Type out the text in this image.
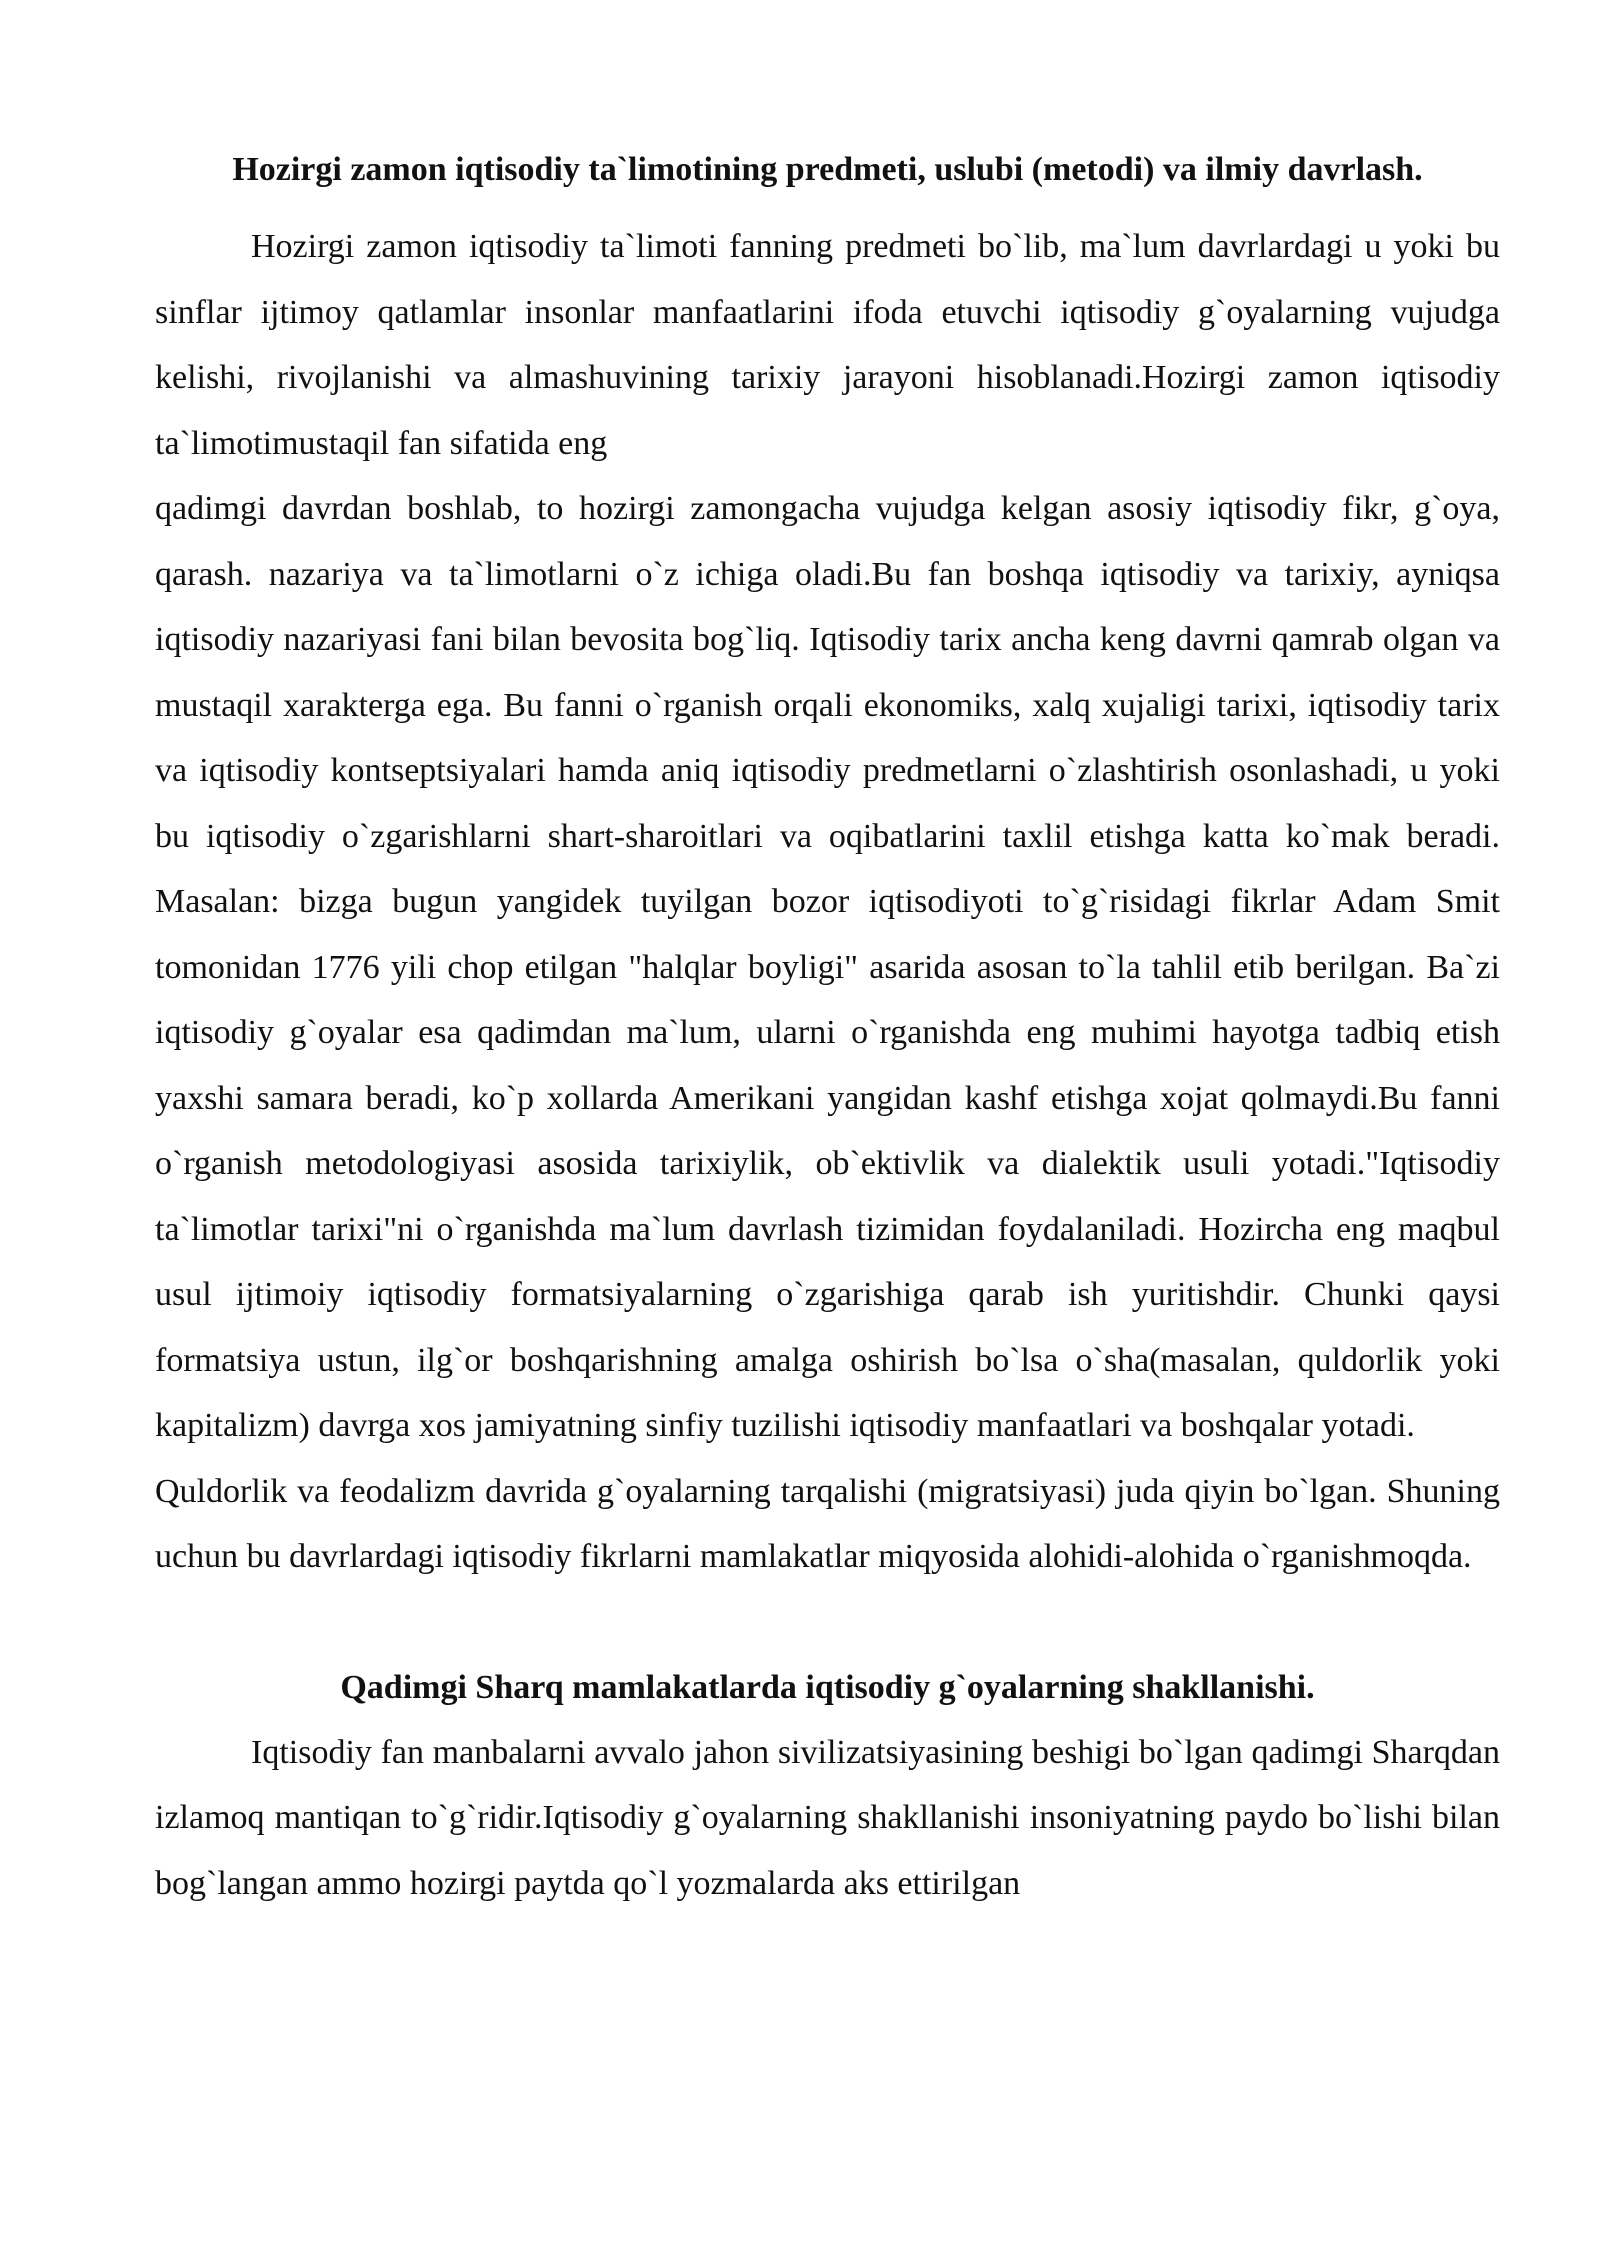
Hozirgi zamon iqtisodiy ta`limotining predmeti, uslubi (metodi) va ilmiy davrlash.

Hozirgi zamon iqtisodiy ta`limoti fanning predmeti bo`lib, ma`lum davrlardagi u yoki bu sinflar ijtimoy qatlamlar insonlar manfaatlarini ifoda etuvchi iqtisodiy g`oyalarning vujudga kelishi, rivojlanishi va almashuvining tarixiy jarayoni hisoblanadi.Hozirgi zamon iqtisodiy ta`limotimustaqil fan sifatida eng

qadimgi davrdan boshlab, to hozirgi zamongacha vujudga kelgan asosiy iqtisodiy fikr, g`oya, qarash. nazariya va ta`limotlarni o`z ichiga oladi.Bu fan boshqa iqtisodiy va tarixiy, ayniqsa iqtisodiy nazariyasi fani bilan bevosita bog`liq. Iqtisodiy tarix ancha keng davrni qamrab olgan va mustaqil xarakterga ega. Bu fanni o`rganish orqali ekonomiks, xalq xujaligi tarixi, iqtisodiy tarix va iqtisodiy kontseptsiyalari hamda aniq iqtisodiy predmetlarni o`zlashtirish osonlashadi, u yoki bu iqtisodiy o`zgarishlarni shart-sharoitlari va oqibatlarini taxlil etishga katta ko`mak beradi. Masalan: bizga bugun yangidek tuyilgan bozor iqtisodiyoti to`g`risidagi fikrlar Adam Smit tomonidan 1776 yili chop etilgan "halqlar boyligi" asarida asosan to`la tahlil etib berilgan. Ba`zi iqtisodiy g`oyalar esa qadimdan ma`lum, ularni o`rganishda eng muhimi hayotga tadbiq etish yaxshi samara beradi, ko`p xollarda Amerikani yangidan kashf etishga xojat qolmaydi.Bu fanni o`rganish metodologiyasi asosida tarixiylik, ob`ektivlik va dialektik usuli yotadi."Iqtisodiy ta`limotlar tarixi"ni o`rganishda ma`lum davrlash tizimidan foydalaniladi. Hozircha eng maqbul usul ijtimoiy iqtisodiy formatsiyalarning o`zgarishiga qarab ish yuritishdir. Chunki qaysi formatsiya ustun, ilg`or boshqarishning amalga oshirish bo`lsa o`sha(masalan, quldorlik yoki kapitalizm) davrga xos jamiyatning sinfiy tuzilishi iqtisodiy manfaatlari va boshqalar yotadi.

Quldorlik va feodalizm davrida g`oyalarning tarqalishi (migratsiyasi) juda qiyin bo`lgan. Shuning uchun bu davrlardagi iqtisodiy fikrlarni mamlakatlar miqyosida alohidi-alohida o`rganishmoqda.

Qadimgi Sharq mamlakatlarda iqtisodiy g`oyalarning shakllanishi.

Iqtisodiy fan manbalarni avvalo jahon sivilizatsiyasining beshigi bo`lgan qadimgi Sharqdan izlamoq mantiqan to`g`ridir.Iqtisodiy g`oyalarning shakllanishi insoniyatning paydo bo`lishi bilan bog`langan ammo hozirgi paytda qo`l yozmalarda aks ettirilgan
